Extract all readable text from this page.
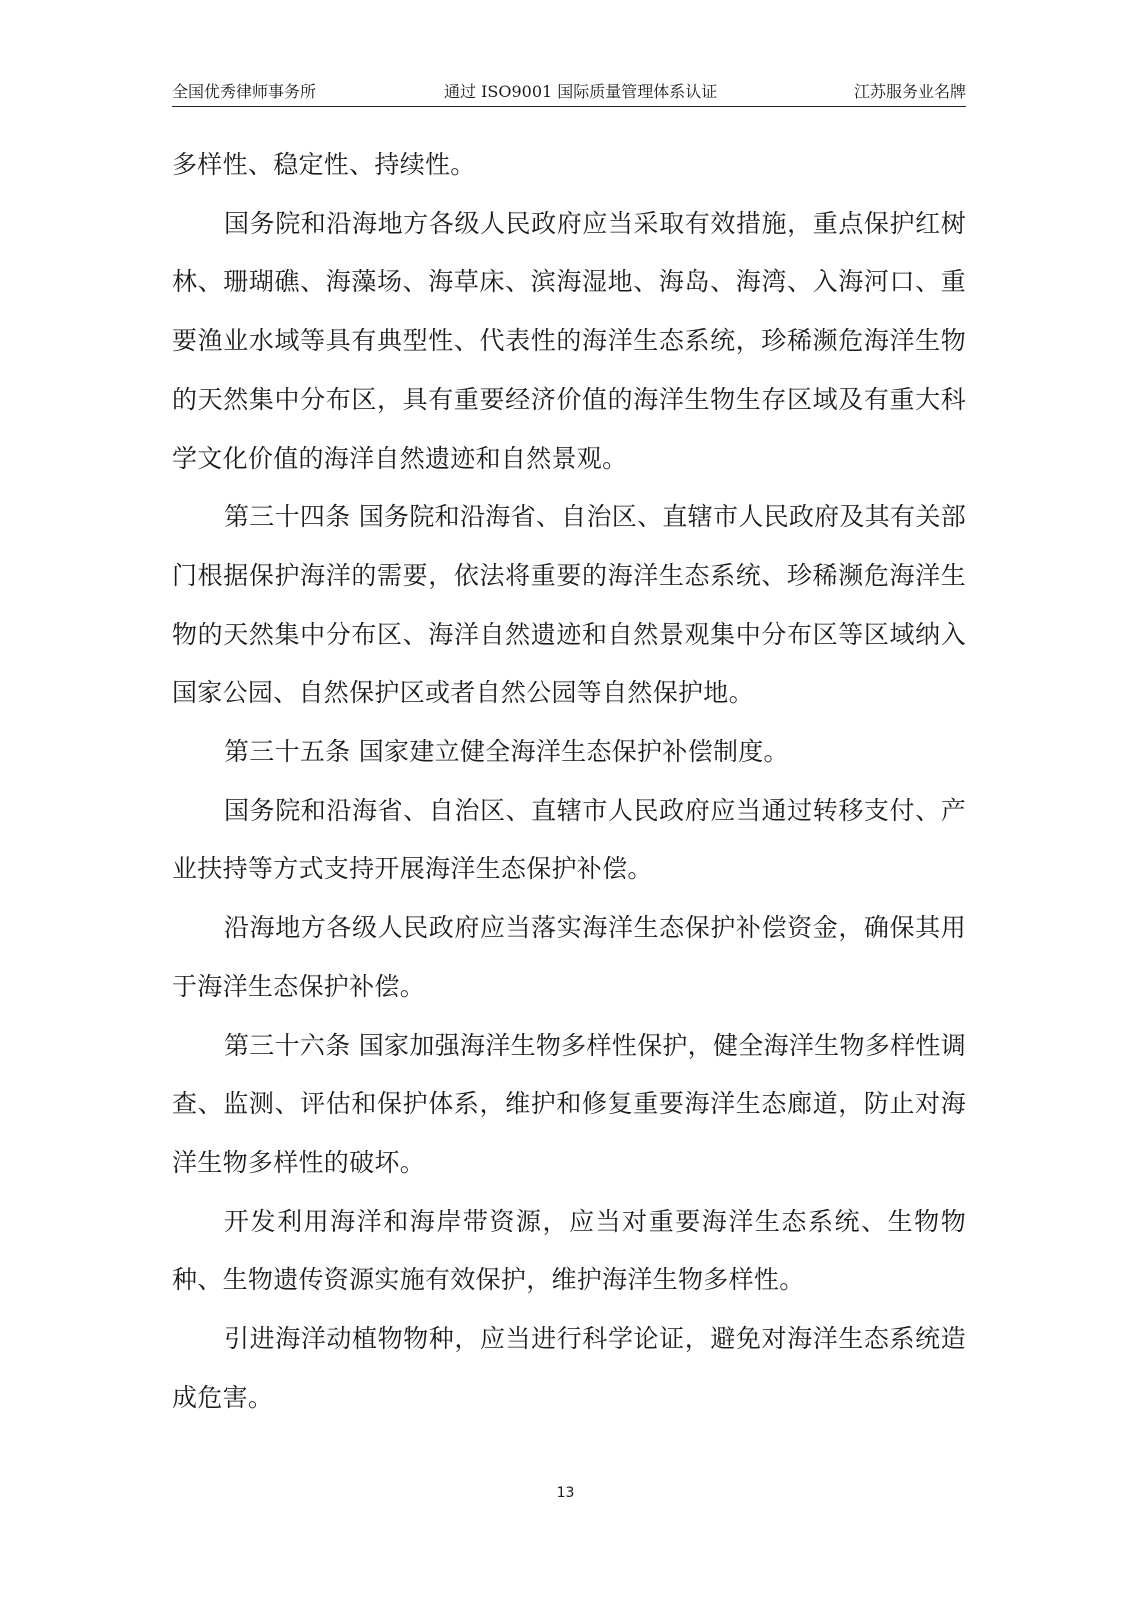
全国优秀律师事务所	通过 ISO9001 国际质量管理体系认证	江苏服务业名牌

多样性、稳定性、持续性。

国务院和沿海地方各级人民政府应当采取有效措施，重点保护红树林、珊瑚礁、海藻场、海草床、滨海湿地、海岛、海湾、入海河口、重要渔业水域等具有典型性、代表性的海洋生态系统，珍稀濒危海洋生物的天然集中分布区，具有重要经济价值的海洋生物生存区域及有重大科学文化价值的海洋自然遗迹和自然景观。

第三十四条 国务院和沿海省、自治区、直辖市人民政府及其有关部门根据保护海洋的需要，依法将重要的海洋生态系统、珍稀濒危海洋生物的天然集中分布区、海洋自然遗迹和自然景观集中分布区等区域纳入国家公园、自然保护区或者自然公园等自然保护地。

第三十五条 国家建立健全海洋生态保护补偿制度。

国务院和沿海省、自治区、直辖市人民政府应当通过转移支付、产业扶持等方式支持开展海洋生态保护补偿。

沿海地方各级人民政府应当落实海洋生态保护补偿资金，确保其用于海洋生态保护补偿。

第三十六条 国家加强海洋生物多样性保护，健全海洋生物多样性调查、监测、评估和保护体系，维护和修复重要海洋生态廊道，防止对海洋生物多样性的破坏。

开发利用海洋和海岸带资源，应当对重要海洋生态系统、生物物种、生物遗传资源实施有效保护，维护海洋生物多样性。

引进海洋动植物物种，应当进行科学论证，避免对海洋生态系统造成危害。

13
